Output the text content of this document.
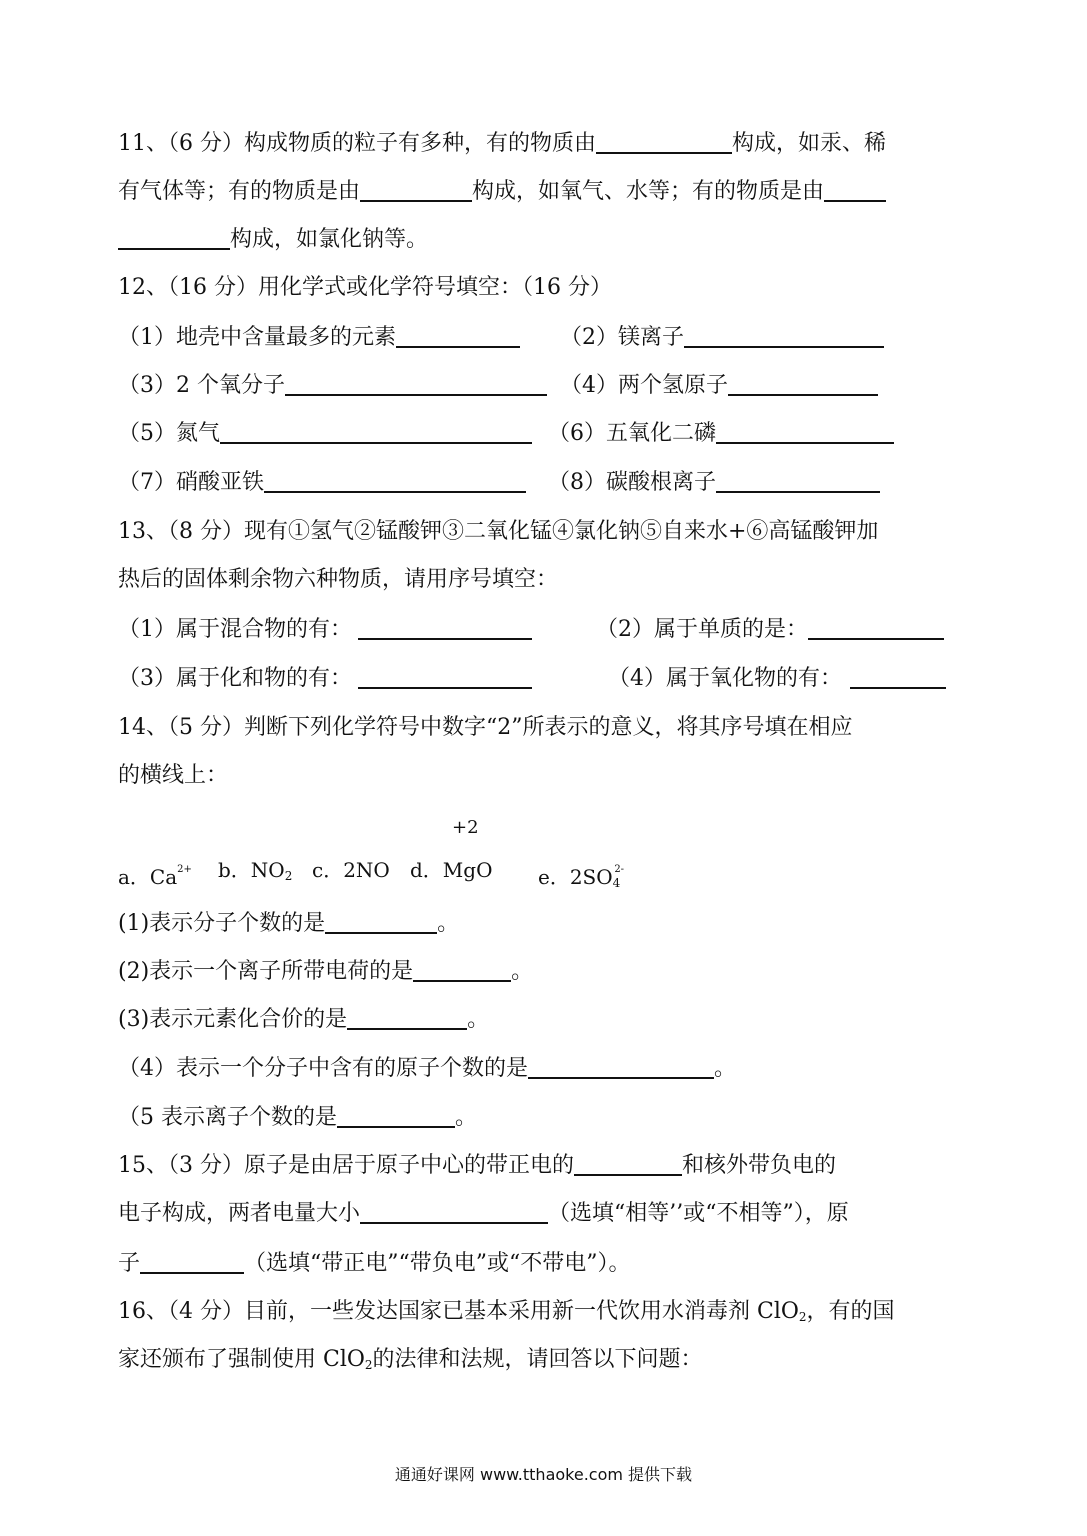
11、（6 分）构成物质的粒子有多种，有的物质由	构成，如汞、稀
有气体等；有的物质是由	构成，如氧气、水等；有的物质是由
构成，如氯化钠等。
12、（16 分）用化学式或化学符号填空：（16 分）
（1）地壳中含量最多的元素	（2）镁离子
（3）2 个氧分子	（4）两个氢原子
（5）氮气	（6）五氧化二磷
（7）硝酸亚铁	（8）碳酸根离子
13、（8 分）现有①氢气②锰酸钾③二氧化锰④氯化钠⑤自来水+⑥高锰酸钾加
热后的固体剩余物六种物质，请用序号填空：
（1）属于混合物的有：	（2）属于单质的是：
（3）属于化和物的有：	（4）属于氧化物的有：
14、（5 分）判断下列化学符号中数字“2”所表示的意义，将其序号填在相应
的横线上：
+2
a．$Ca^{2+}$ b．$NO_2$ c．2NO d．MgO e．$2SO_4^{2-}$
(1)表示分子个数的是	。
(2)表示一个离子所带电荷的是	。
(3)表示元素化合价的是	。
（4）表示一个分子中含有的原子个数的是	。
（5 表示离子个数的是	。
15、（3 分）原子是由居于原子中心的带正电的	和核外带负电的
电子构成，两者电量大小	（选填“相等’’或“不相等”），原
子	（选填“带正电”“带负电”或“不带电”）。
16、（4 分）目前，一些发达国家已基本采用新一代饮用水消毒剂 ClO$_2$，有的国
家还颁布了强制使用 ClO$_2$的法律和法规，请回答以下问题：
通通好课网 www.tthaoke.com 提供下载
